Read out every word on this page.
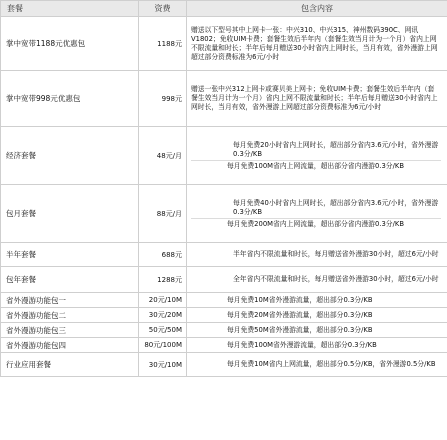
套餐	资费	包含内容
掌中宽带1188元优惠包	1188元	赠送以下型号其中上网卡一张：中兴310、中兴315、神州数码390C、网讯V1802；免收UIM卡费；套餐生效后半年内（套餐生效当月计为一个月）省内上网不限流量和时长；半年后每月赠送30小时省内上网时长，当月有效，省外漫游上网超过部分资费标准为6元/小时

掌中宽带998元优惠包	998元	赠送一张中兴312上网卡或赛贝美上网卡；免收UIM卡费；套餐生效后半年内（套餐生效当月计为一个月）省内上网不限流量和时长；半年后每月赠送30小时省内上网时长，当月有效，省外漫游上网超过部分资费标准为6元/小时

经济套餐	48元/月	每月免费20小时省内上网时长，超出部分省内3.6元/小时，省外漫游0.3分/KB
每月免费100M省内上网流量，超出部分省内漫游0.3分/KB

包月套餐	88元/月	每月免费40小时省内上网时长，超出部分省内3.6元/小时，省外漫游0.3分/KB
每月免费200M省内上网流量，超出部分省内漫游0.3分/KB

半年套餐	688元	半年省内不限流量和时长，每月赠送省外漫游30小时，超过6元/小时

包年套餐	1288元	全年省内不限流量和时长，每月赠送省外漫游30小时，超过6元/小时

省外漫游功能包一	20元/10M	每月免费10M省外漫游流量，超出部分0.3分/KB

省外漫游功能包二	30元/20M	每月免费20M省外漫游流量，超出部分0.3分/KB

省外漫游功能包三	50元/50M	每月免费50M省外漫游流量，超出部分0.3分/KB

省外漫游功能包四	80元/100M	每月免费100M省外漫游流量，超出部分0.3分/KB

行业应用套餐	30元/10M	每月免费10M省内上网流量，超出部分0.5分/KB，省外漫游0.5分/KB
